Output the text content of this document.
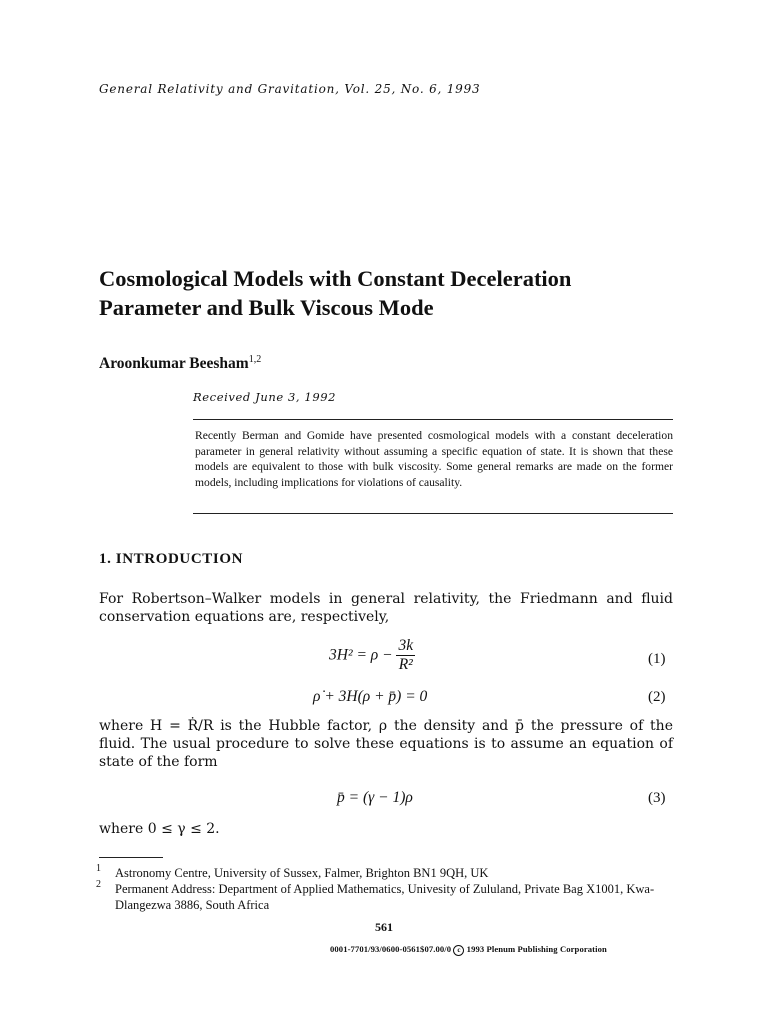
General Relativity and Gravitation, Vol. 25, No. 6, 1993
Cosmological Models with Constant Deceleration
Parameter and Bulk Viscous Mode
Aroonkumar Beesham$^{1,2}$
Received June 3, 1992
Recently Berman and Gomide have presented cosmological models with a constant deceleration parameter in general relativity without assuming a specific equation of state. It is shown that these models are equivalent to those with bulk viscosity. Some general remarks are made on the former models, including implications for violations of causality.
1. INTRODUCTION
For Robertson–Walker models in general relativity, the Friedmann and fluid conservation equations are, respectively,
$3H^2 = \rho - \frac{3k}{\text{R²}}$	(1)
ρ̇ + 3H(ρ + p̄) = 0	(2)
where H = Ṙ/R is the Hubble factor, ρ the density and p̄ the pressure of the fluid. The usual procedure to solve these equations is to assume an equation of state of the form
p̄ = (γ − 1)ρ	(3)
where 0 ≤ γ ≤ 2.
1	Astronomy Centre, University of Sussex, Falmer, Brighton BN1 9QH, UK
2	Permanent Address: Department of Applied Mathematics, Univesity of Zululand, Private Bag X1001, Kwa-Dlangezwa 3886, South Africa
561
0001-7701/93/0600-0561$07.00/0 c 1993 Plenum Publishing Corporation
